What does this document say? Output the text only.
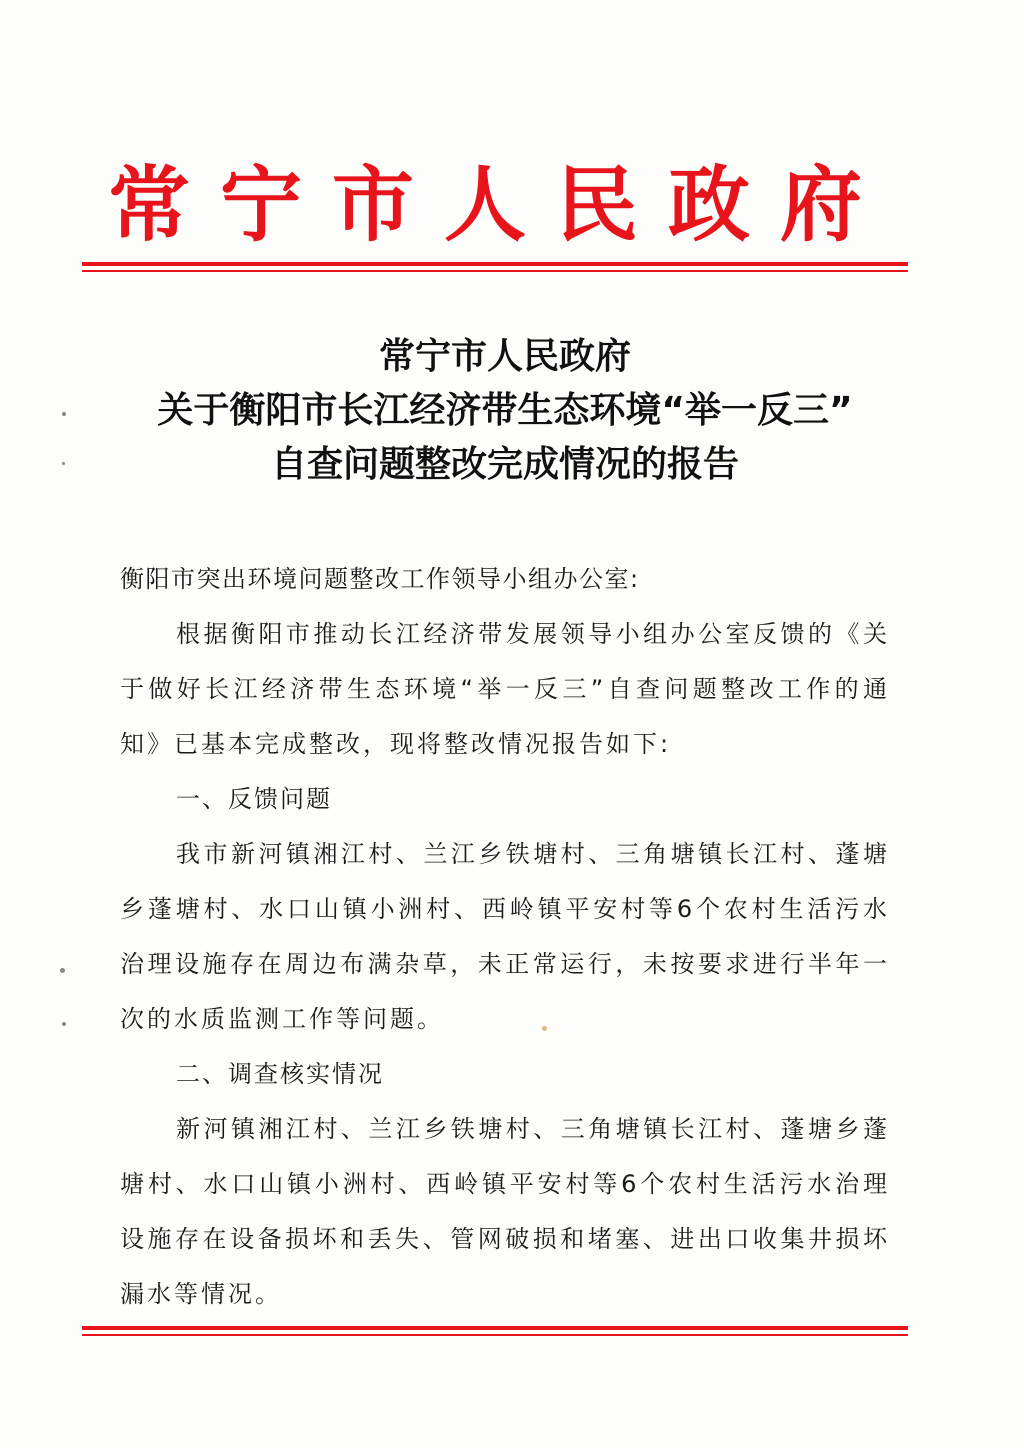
常宁市人民政府
常宁市人民政府
关于衡阳市长江经济带生态环境“举一反三”
自查问题整改完成情况的报告
衡阳市突出环境问题整改工作领导小组办公室:

根据衡阳市推动长江经济带发展领导小组办公室反馈的《关于做好长江经济带生态环境“举一反三”自查问题整改工作的通知》已基本完成整改，现将整改情况报告如下:

一、反馈问题

我市新河镇湘江村、兰江乡铁塘村、三角塘镇长江村、蓬塘乡蓬塘村、水口山镇小洲村、西岭镇平安村等6个农村生活污水治理设施存在周边布满杂草，未正常运行，未按要求进行半年一次的水质监测工作等问题。

二、调查核实情况

新河镇湘江村、兰江乡铁塘村、三角塘镇长江村、蓬塘乡蓬塘村、水口山镇小洲村、西岭镇平安村等6个农村生活污水治理设施存在设备损坏和丢失、管网破损和堵塞、进出口收集井损坏漏水等情况。
